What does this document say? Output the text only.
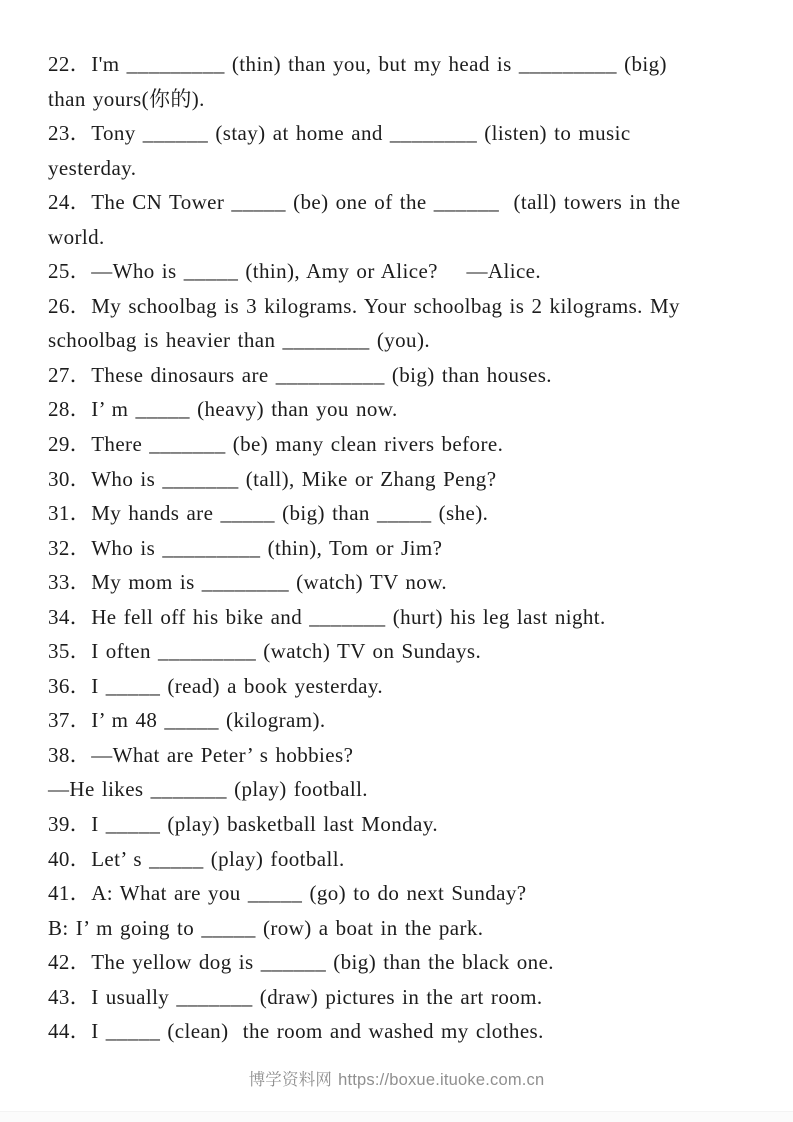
22．I'm _________ (thin) than you, but my head is _________ (big)
than yours(你的).
23．Tony ______ (stay) at home and ________ (listen) to music
yesterday.
24．The CN Tower _____ (be) one of the ______  (tall) towers in the
world.
25．—Who is _____ (thin), Amy or Alice?    —Alice.
26．My schoolbag is 3 kilograms. Your schoolbag is 2 kilograms. My
schoolbag is heavier than ________ (you).
27．These dinosaurs are __________ (big) than houses.
28．I’ m _____ (heavy) than you now.
29．There _______ (be) many clean rivers before.
30．Who is _______ (tall), Mike or Zhang Peng?
31．My hands are _____ (big) than _____ (she).
32．Who is _________ (thin), Tom or Jim?
33．My mom is ________ (watch) TV now.
34．He fell off his bike and _______ (hurt) his leg last night.
35．I often _________ (watch) TV on Sundays.
36．I _____ (read) a book yesterday.
37．I’ m 48 _____ (kilogram).
38．—What are Peter’ s hobbies?
—He likes _______ (play) football.
39．I _____ (play) basketball last Monday.
40．Let’ s _____ (play) football.
41．A: What are you _____ (go) to do next Sunday?
B: I’ m going to _____ (row) a boat in the park.
42．The yellow dog is ______ (big) than the black one.
43．I usually _______ (draw) pictures in the art room.
44．I _____ (clean)  the room and washed my clothes.
博学资料网 https://boxue.ituoke.com.cn
